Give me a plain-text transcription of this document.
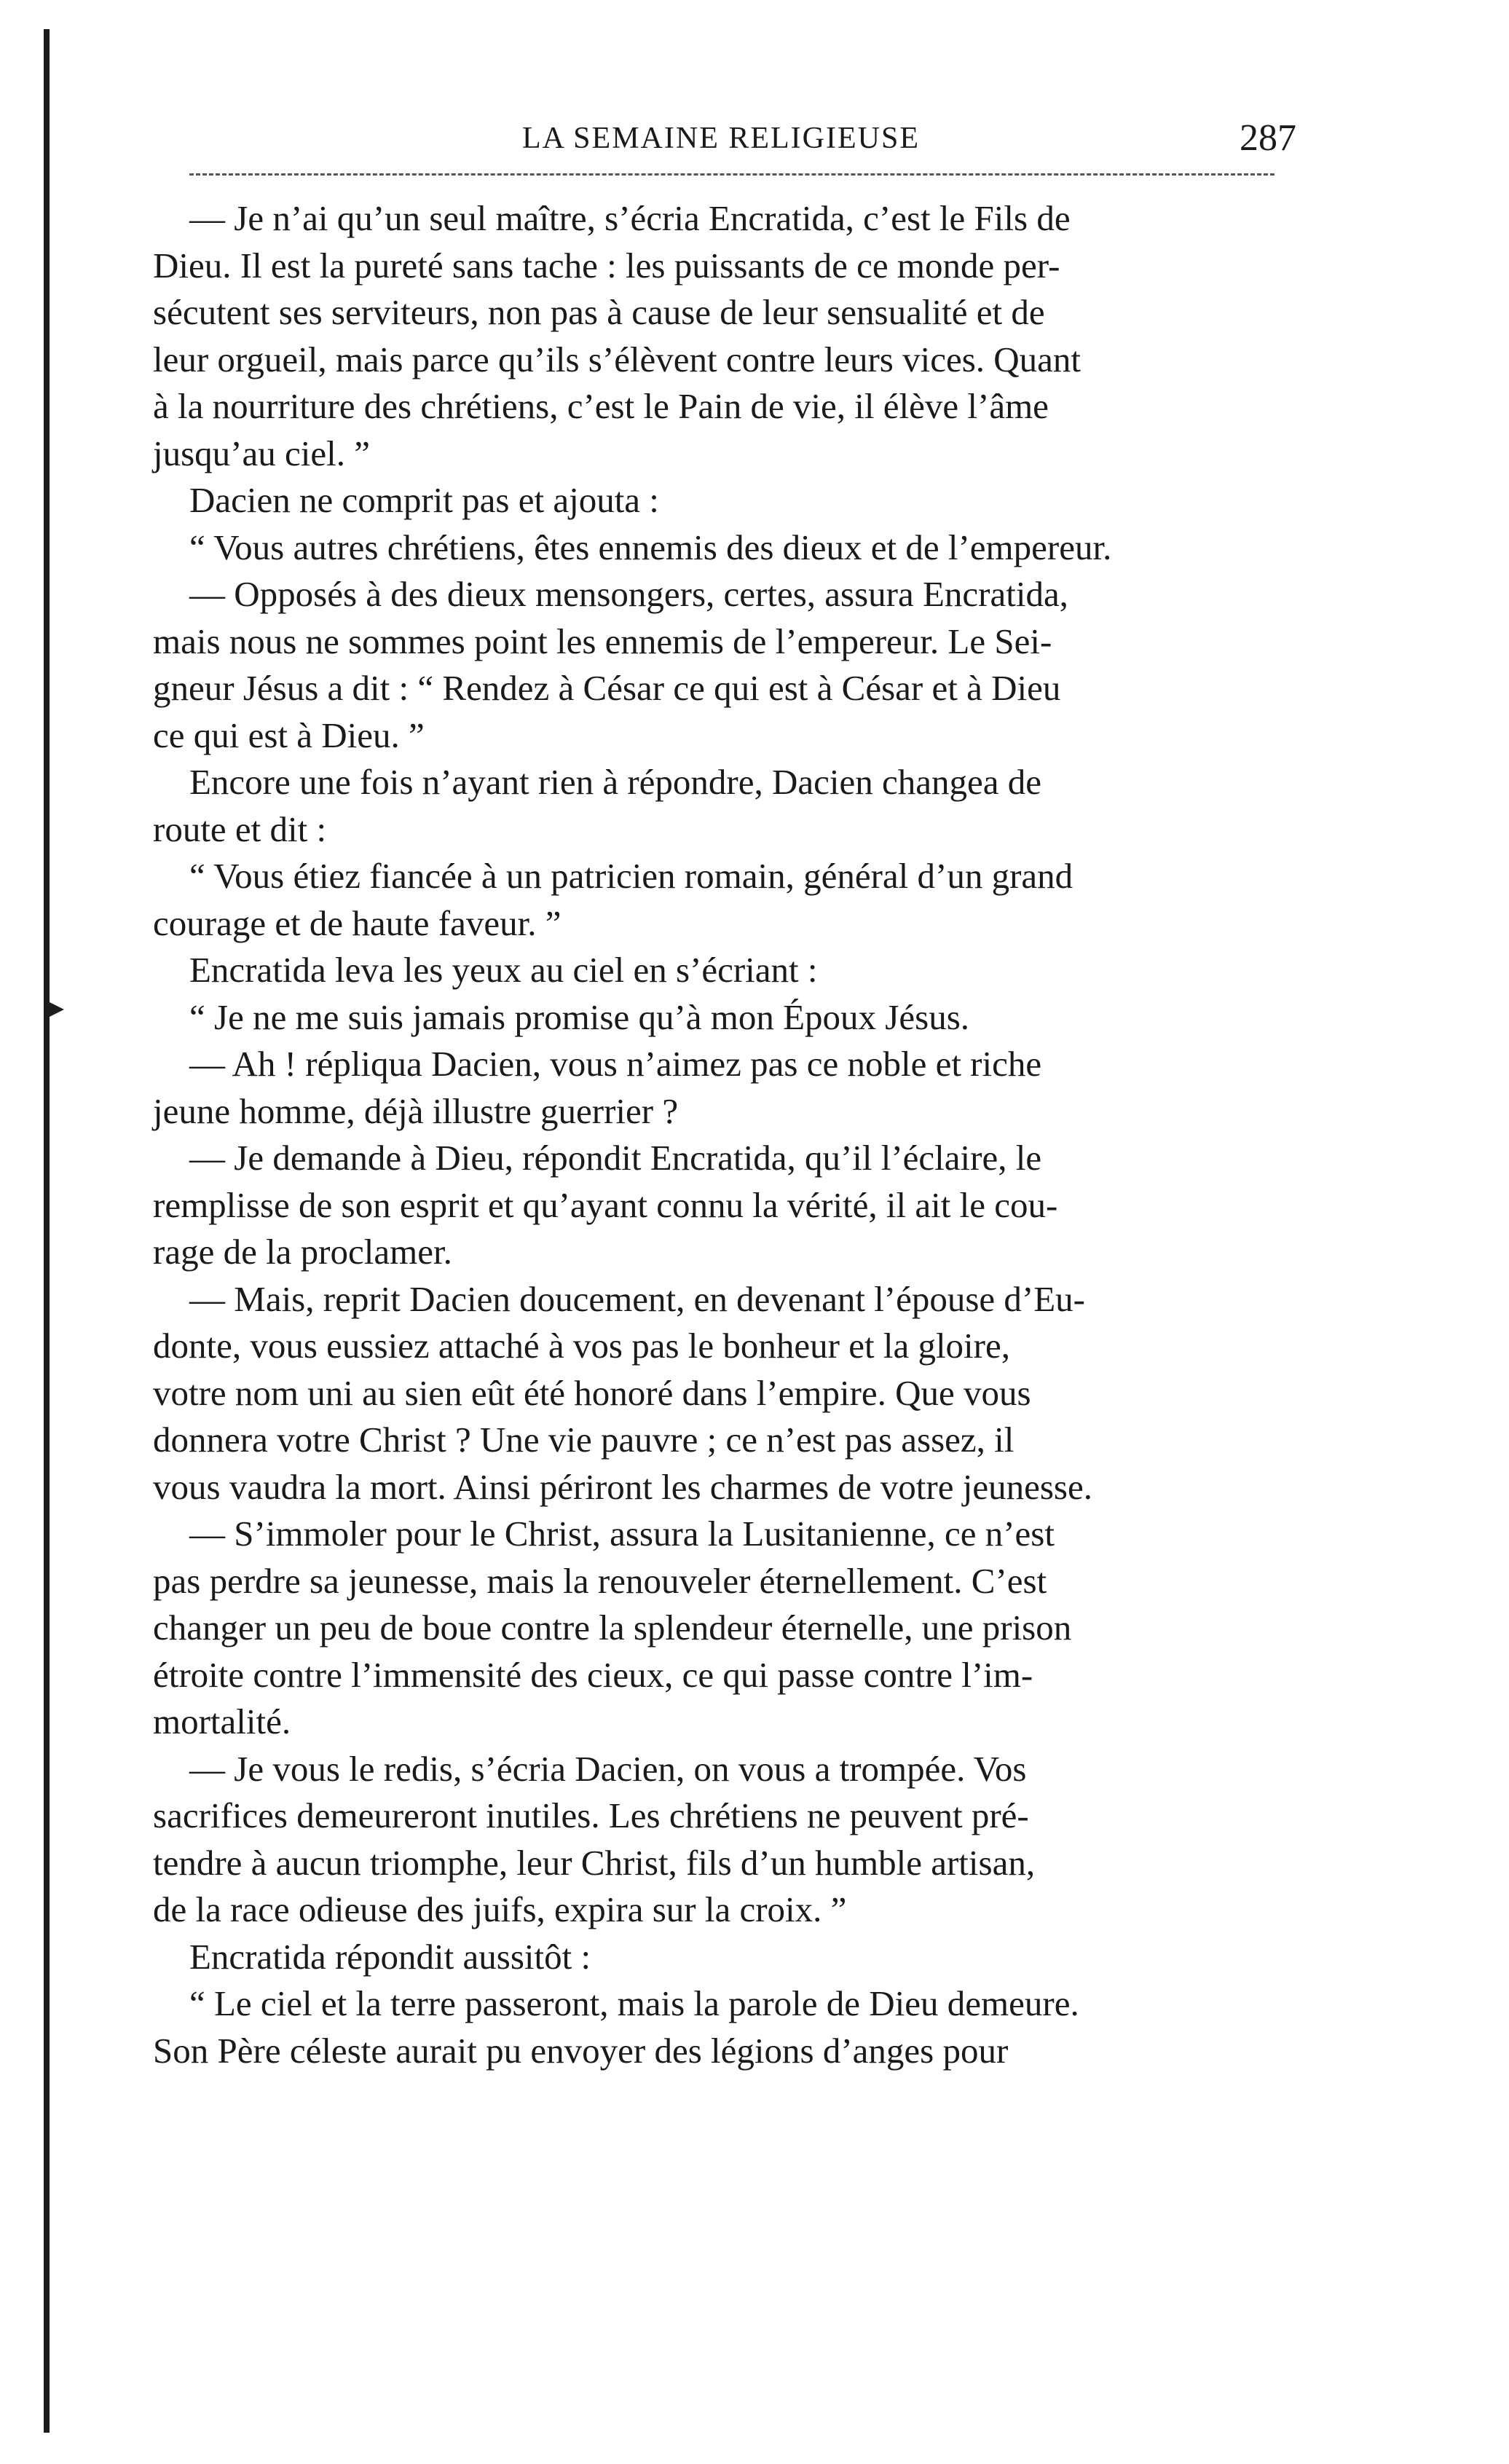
LA SEMAINE RELIGIEUSE	287
— Je n’ai qu’un seul maître, s’écria Encratida, c’est le Fils de
Dieu. Il est la pureté sans tache : les puissants de ce monde per-
sécutent ses serviteurs, non pas à cause de leur sensualité et de
leur orgueil, mais parce qu’ils s’élèvent contre leurs vices. Quant
à la nourriture des chrétiens, c’est le Pain de vie, il élève l’âme
jusqu’au ciel. ”
Dacien ne comprit pas et ajouta :
“ Vous autres chrétiens, êtes ennemis des dieux et de l’empereur.
— Opposés à des dieux mensongers, certes, assura Encratida,
mais nous ne sommes point les ennemis de l’empereur. Le Sei-
gneur Jésus a dit : “ Rendez à César ce qui est à César et à Dieu
ce qui est à Dieu. ”
Encore une fois n’ayant rien à répondre, Dacien changea de
route et dit :
“ Vous étiez fiancée à un patricien romain, général d’un grand
courage et de haute faveur. ”
Encratida leva les yeux au ciel en s’écriant :
“ Je ne me suis jamais promise qu’à mon Époux Jésus.
— Ah ! répliqua Dacien, vous n’aimez pas ce noble et riche
jeune homme, déjà illustre guerrier ?
— Je demande à Dieu, répondit Encratida, qu’il l’éclaire, le
remplisse de son esprit et qu’ayant connu la vérité, il ait le cou-
rage de la proclamer.
— Mais, reprit Dacien doucement, en devenant l’épouse d’Eu-
donte, vous eussiez attaché à vos pas le bonheur et la gloire,
votre nom uni au sien eût été honoré dans l’empire. Que vous
donnera votre Christ ? Une vie pauvre ; ce n’est pas assez, il
vous vaudra la mort. Ainsi périront les charmes de votre jeunesse.
— S’immoler pour le Christ, assura la Lusitanienne, ce n’est
pas perdre sa jeunesse, mais la renouveler éternellement. C’est
changer un peu de boue contre la splendeur éternelle, une prison
étroite contre l’immensité des cieux, ce qui passe contre l’im-
mortalité.
— Je vous le redis, s’écria Dacien, on vous a trompée. Vos
sacrifices demeureront inutiles. Les chrétiens ne peuvent pré-
tendre à aucun triomphe, leur Christ, fils d’un humble artisan,
de la race odieuse des juifs, expira sur la croix. ”
Encratida répondit aussitôt :
“ Le ciel et la terre passeront, mais la parole de Dieu demeure.
Son Père céleste aurait pu envoyer des légions d’anges pour
